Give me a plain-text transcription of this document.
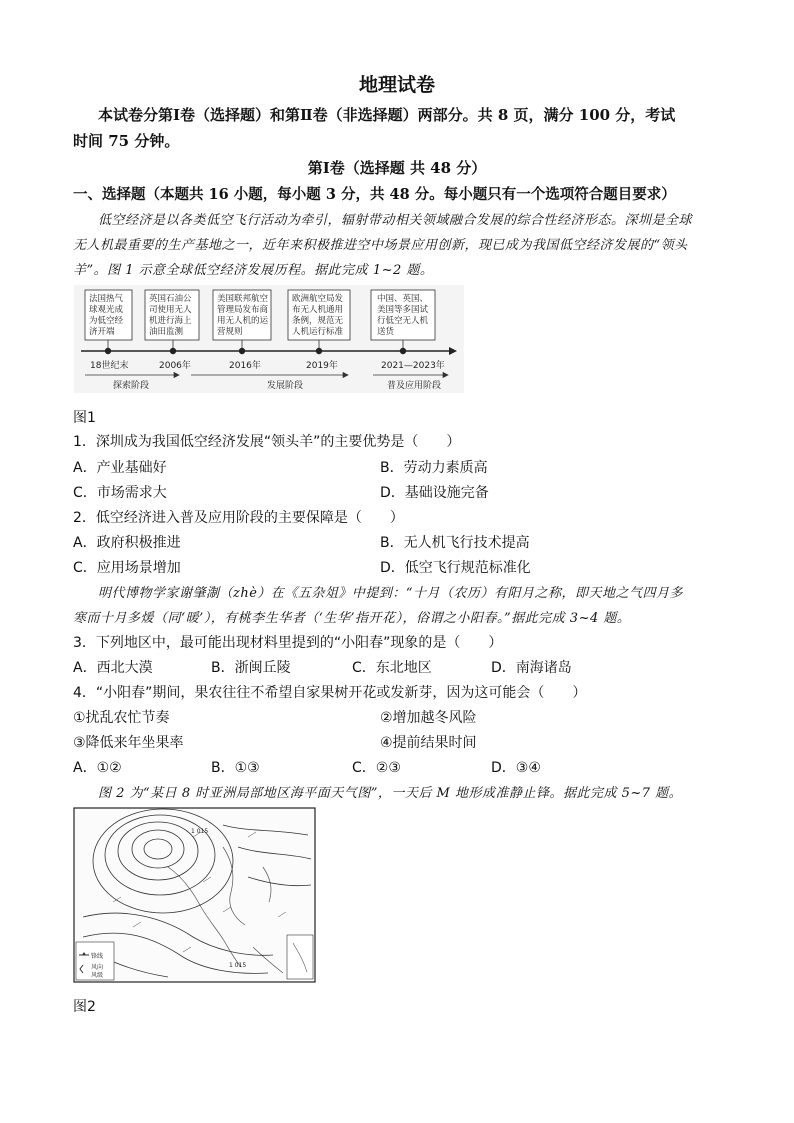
地理试卷
本试卷分第Ⅰ卷（选择题）和第Ⅱ卷（非选择题）两部分。共 8 页，满分 100 分，考试
时间 75 分钟。
第Ⅰ卷（选择题 共 48 分）
一、选择题（本题共 16 小题，每小题 3 分，共 48 分。每小题只有一个选项符合题目要求）
低空经济是以各类低空飞行活动为牵引，辐射带动相关领域融合发展的综合性经济形态。深圳是全球
无人机最重要的生产基地之一，近年来积极推进空中场景应用创新，现已成为我国低空经济发展的“领头
羊”。图 1 示意全球低空经济发展历程。据此完成 1~2 题。
法国热气球观光成为低空经济开端
英国石油公司使用无人机进行海上油田监测
美国联邦航空管理局发布商用无人机的运营规则
欧洲航空局发布无人机通用条例，规范无人机运行标准
中国、英国、美国等多国试行低空无人机送货
18世纪末	2006年	2016年	2019年	2021—2023年
探索阶段	发展阶段	普及应用阶段
图1
1．深圳成为我国低空经济发展“领头羊”的主要优势是（　　）
A．产业基础好	B．劳动力素质高
C．市场需求大	D．基础设施完备
2．低空经济进入普及应用阶段的主要保障是（　　）
A．政府积极推进	B．无人机飞行技术提高
C．应用场景增加	D．低空飞行规范标准化
明代博物学家谢肇淛（zhè）在《五杂俎》中提到：“十月（农历）有阳月之称，即天地之气四月多
寒而十月多煖（同‘暖’），有桃李生华者（‘生华’指开花），俗谓之小阳春。”据此完成 3~4 题。
3．下列地区中，最可能出现材料里提到的“小阳春”现象的是（　　）
A．西北大漠	B．浙闽丘陵	C．东北地区	D．南海诸岛
4．“小阳春”期间，果农往往不希望自家果树开花或发新芽，因为这可能会（　　）
①扰乱农忙节奏	②增加越冬风险
③降低来年坐果率	④提前结果时间
A．①②	B．①③	C．②③	D．③④
图 2 为“某日 8 时亚洲局部地区海平面天气图”，一天后 M 地形成准静止锋。据此完成 5~7 题。
1 015
1 015
锋线
风向
风级
图2
